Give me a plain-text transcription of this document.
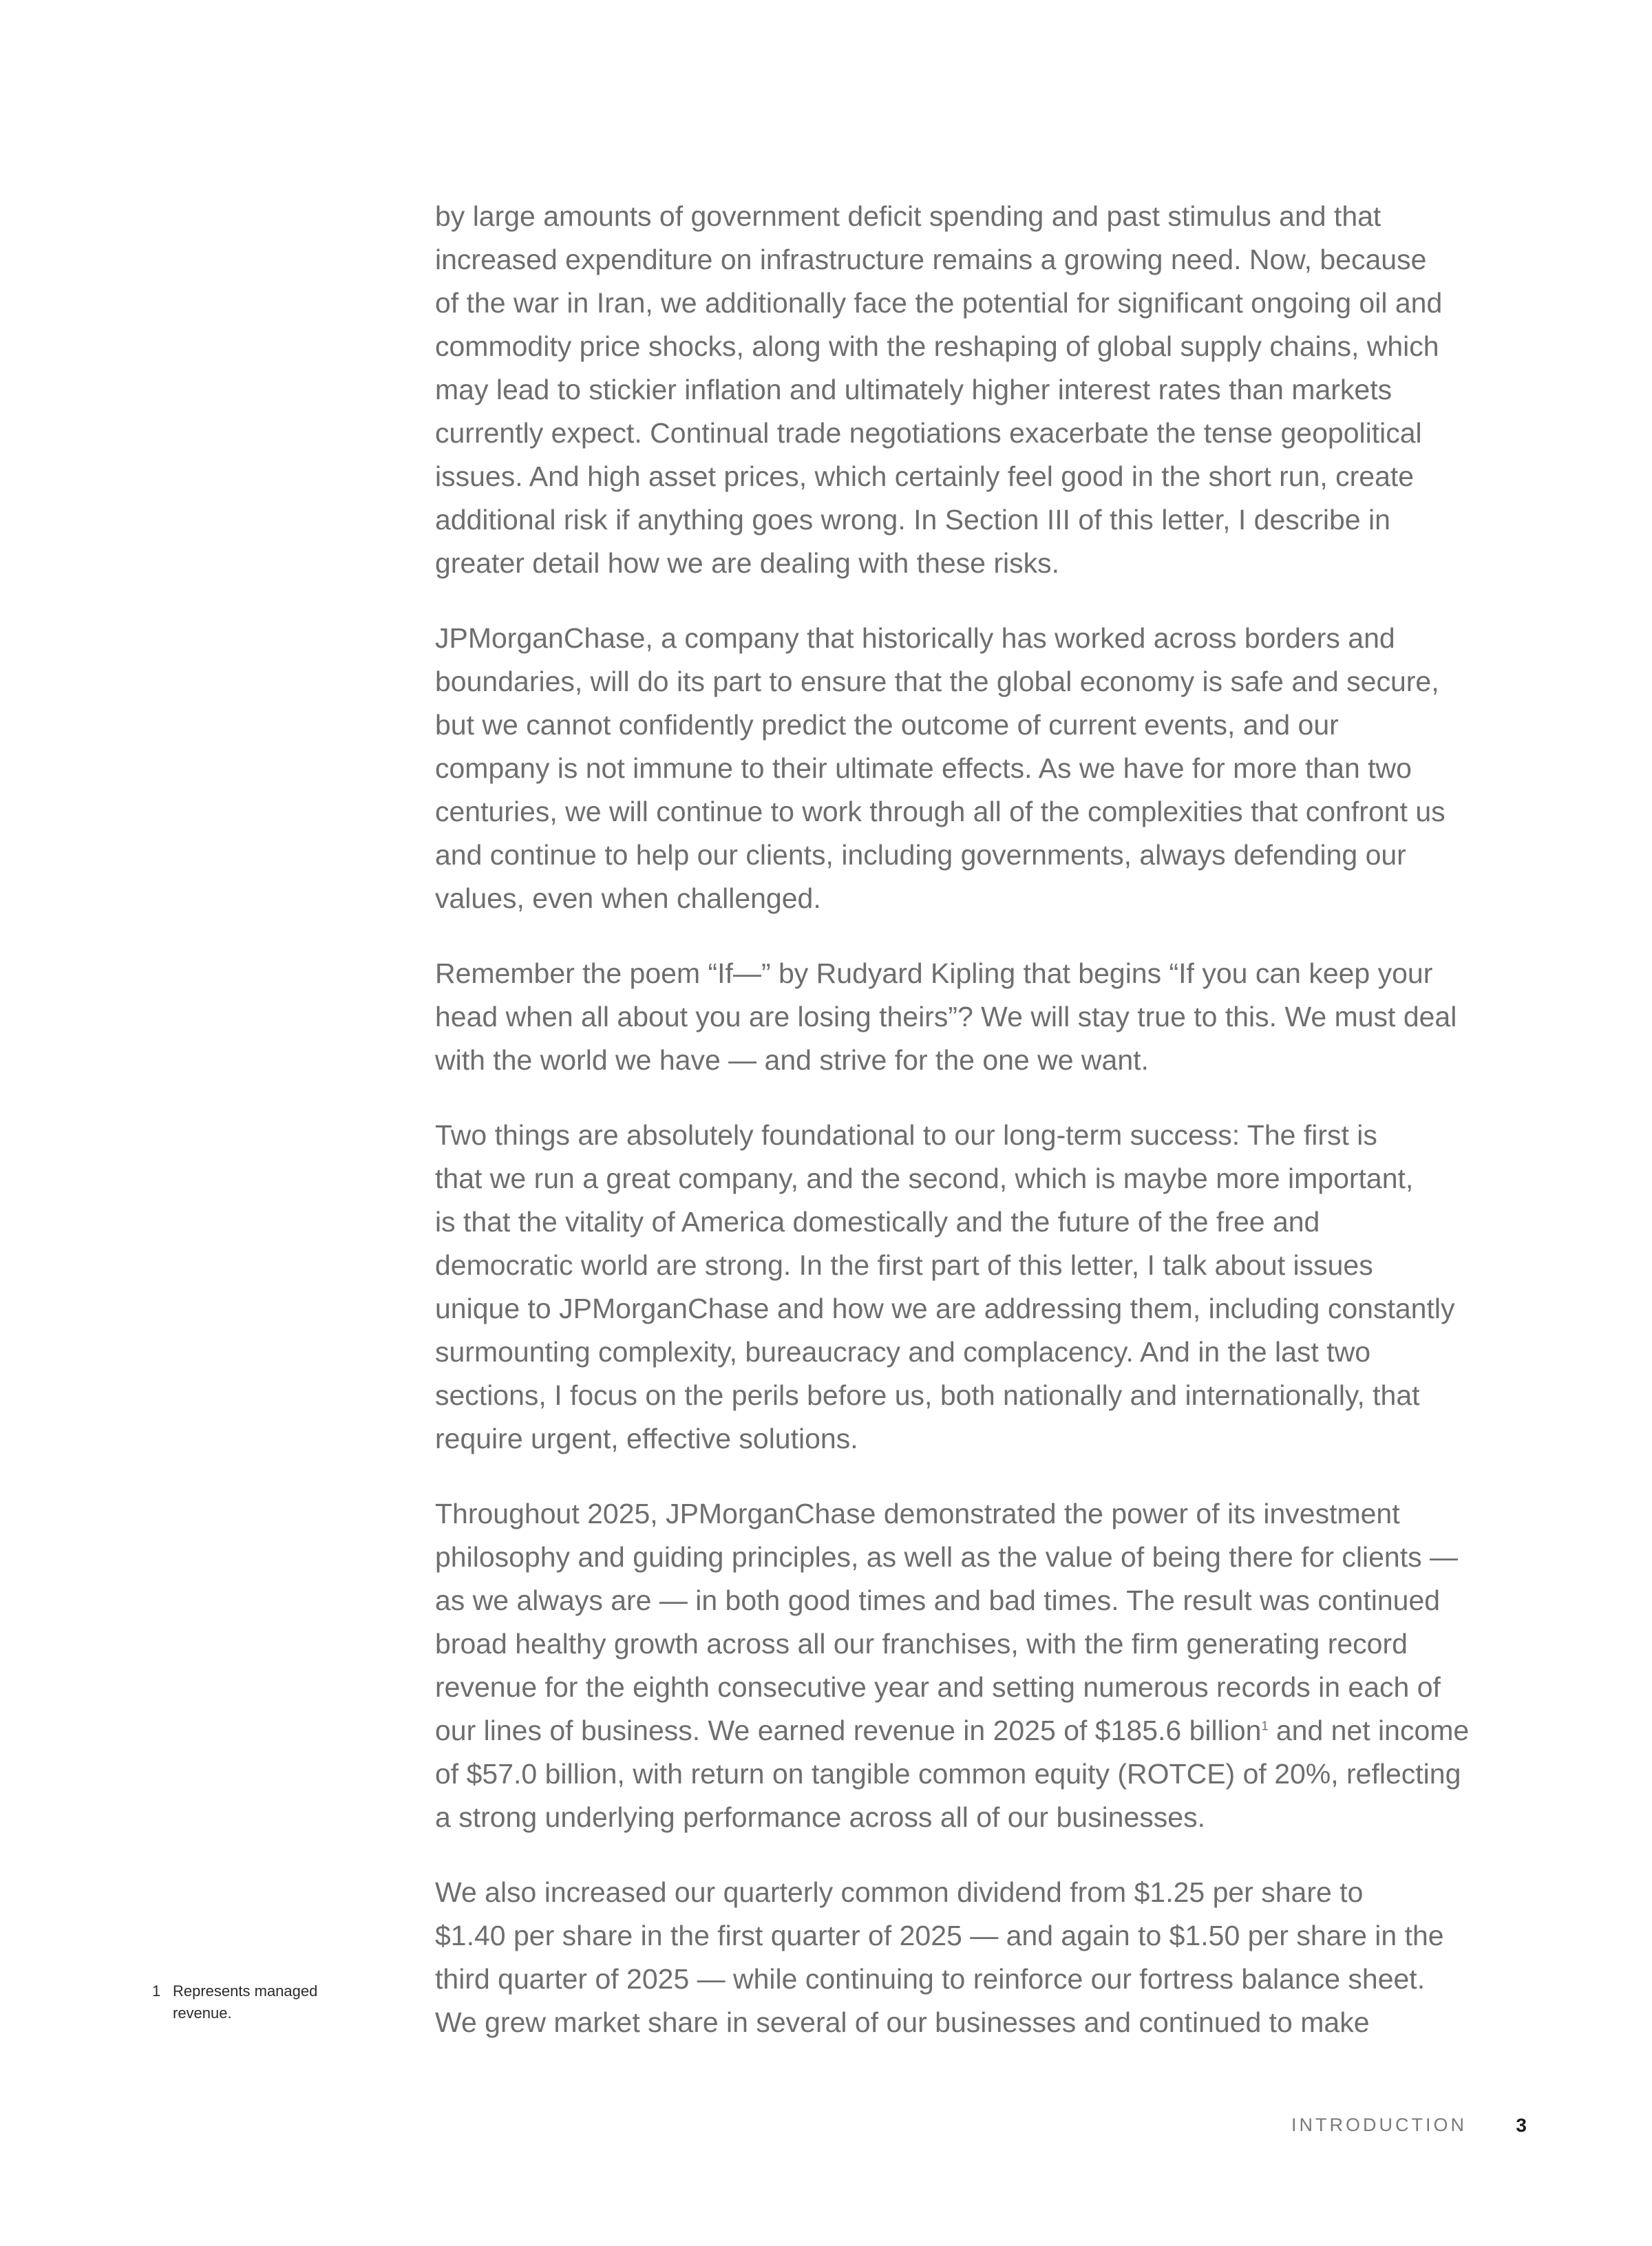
by large amounts of government deficit spending and past stimulus and that
increased expenditure on infrastructure remains a growing need. Now, because
of the war in Iran, we additionally face the potential for significant ongoing oil and
commodity price shocks, along with the reshaping of global supply chains, which
may lead to stickier inflation and ultimately higher interest rates than markets
currently expect. Continual trade negotiations exacerbate the tense geopolitical
issues. And high asset prices, which certainly feel good in the short run, create
additional risk if anything goes wrong. In Section III of this letter, I describe in
greater detail how we are dealing with these risks.

JPMorganChase, a company that historically has worked across borders and
boundaries, will do its part to ensure that the global economy is safe and secure,
but we cannot confidently predict the outcome of current events, and our
company is not immune to their ultimate effects. As we have for more than two
centuries, we will continue to work through all of the complexities that confront us
and continue to help our clients, including governments, always defending our
values, even when challenged.

Remember the poem “If—” by Rudyard Kipling that begins “If you can keep your
head when all about you are losing theirs”? We will stay true to this. We must deal
with the world we have — and strive for the one we want.

Two things are absolutely foundational to our long-term success: The first is
that we run a great company, and the second, which is maybe more important,
is that the vitality of America domestically and the future of the free and
democratic world are strong. In the first part of this letter, I talk about issues
unique to JPMorganChase and how we are addressing them, including constantly
surmounting complexity, bureaucracy and complacency. And in the last two
sections, I focus on the perils before us, both nationally and internationally, that
require urgent, effective solutions.

Throughout 2025, JPMorganChase demonstrated the power of its investment
philosophy and guiding principles, as well as the value of being there for clients —
as we always are — in both good times and bad times. The result was continued
broad healthy growth across all our franchises, with the firm generating record
revenue for the eighth consecutive year and setting numerous records in each of
our lines of business. We earned revenue in 2025 of $185.6 billion$^1$ and net income
of $57.0 billion, with return on tangible common equity (ROTCE) of 20%, reflecting
a strong underlying performance across all of our businesses.

We also increased our quarterly common dividend from $1.25 per share to
$1.40 per share in the first quarter of 2025 — and again to $1.50 per share in the
third quarter of 2025 — while continuing to reinforce our fortress balance sheet.
We grew market share in several of our businesses and continued to make

1 Represents managed revenue.
INTRODUCTION	3
